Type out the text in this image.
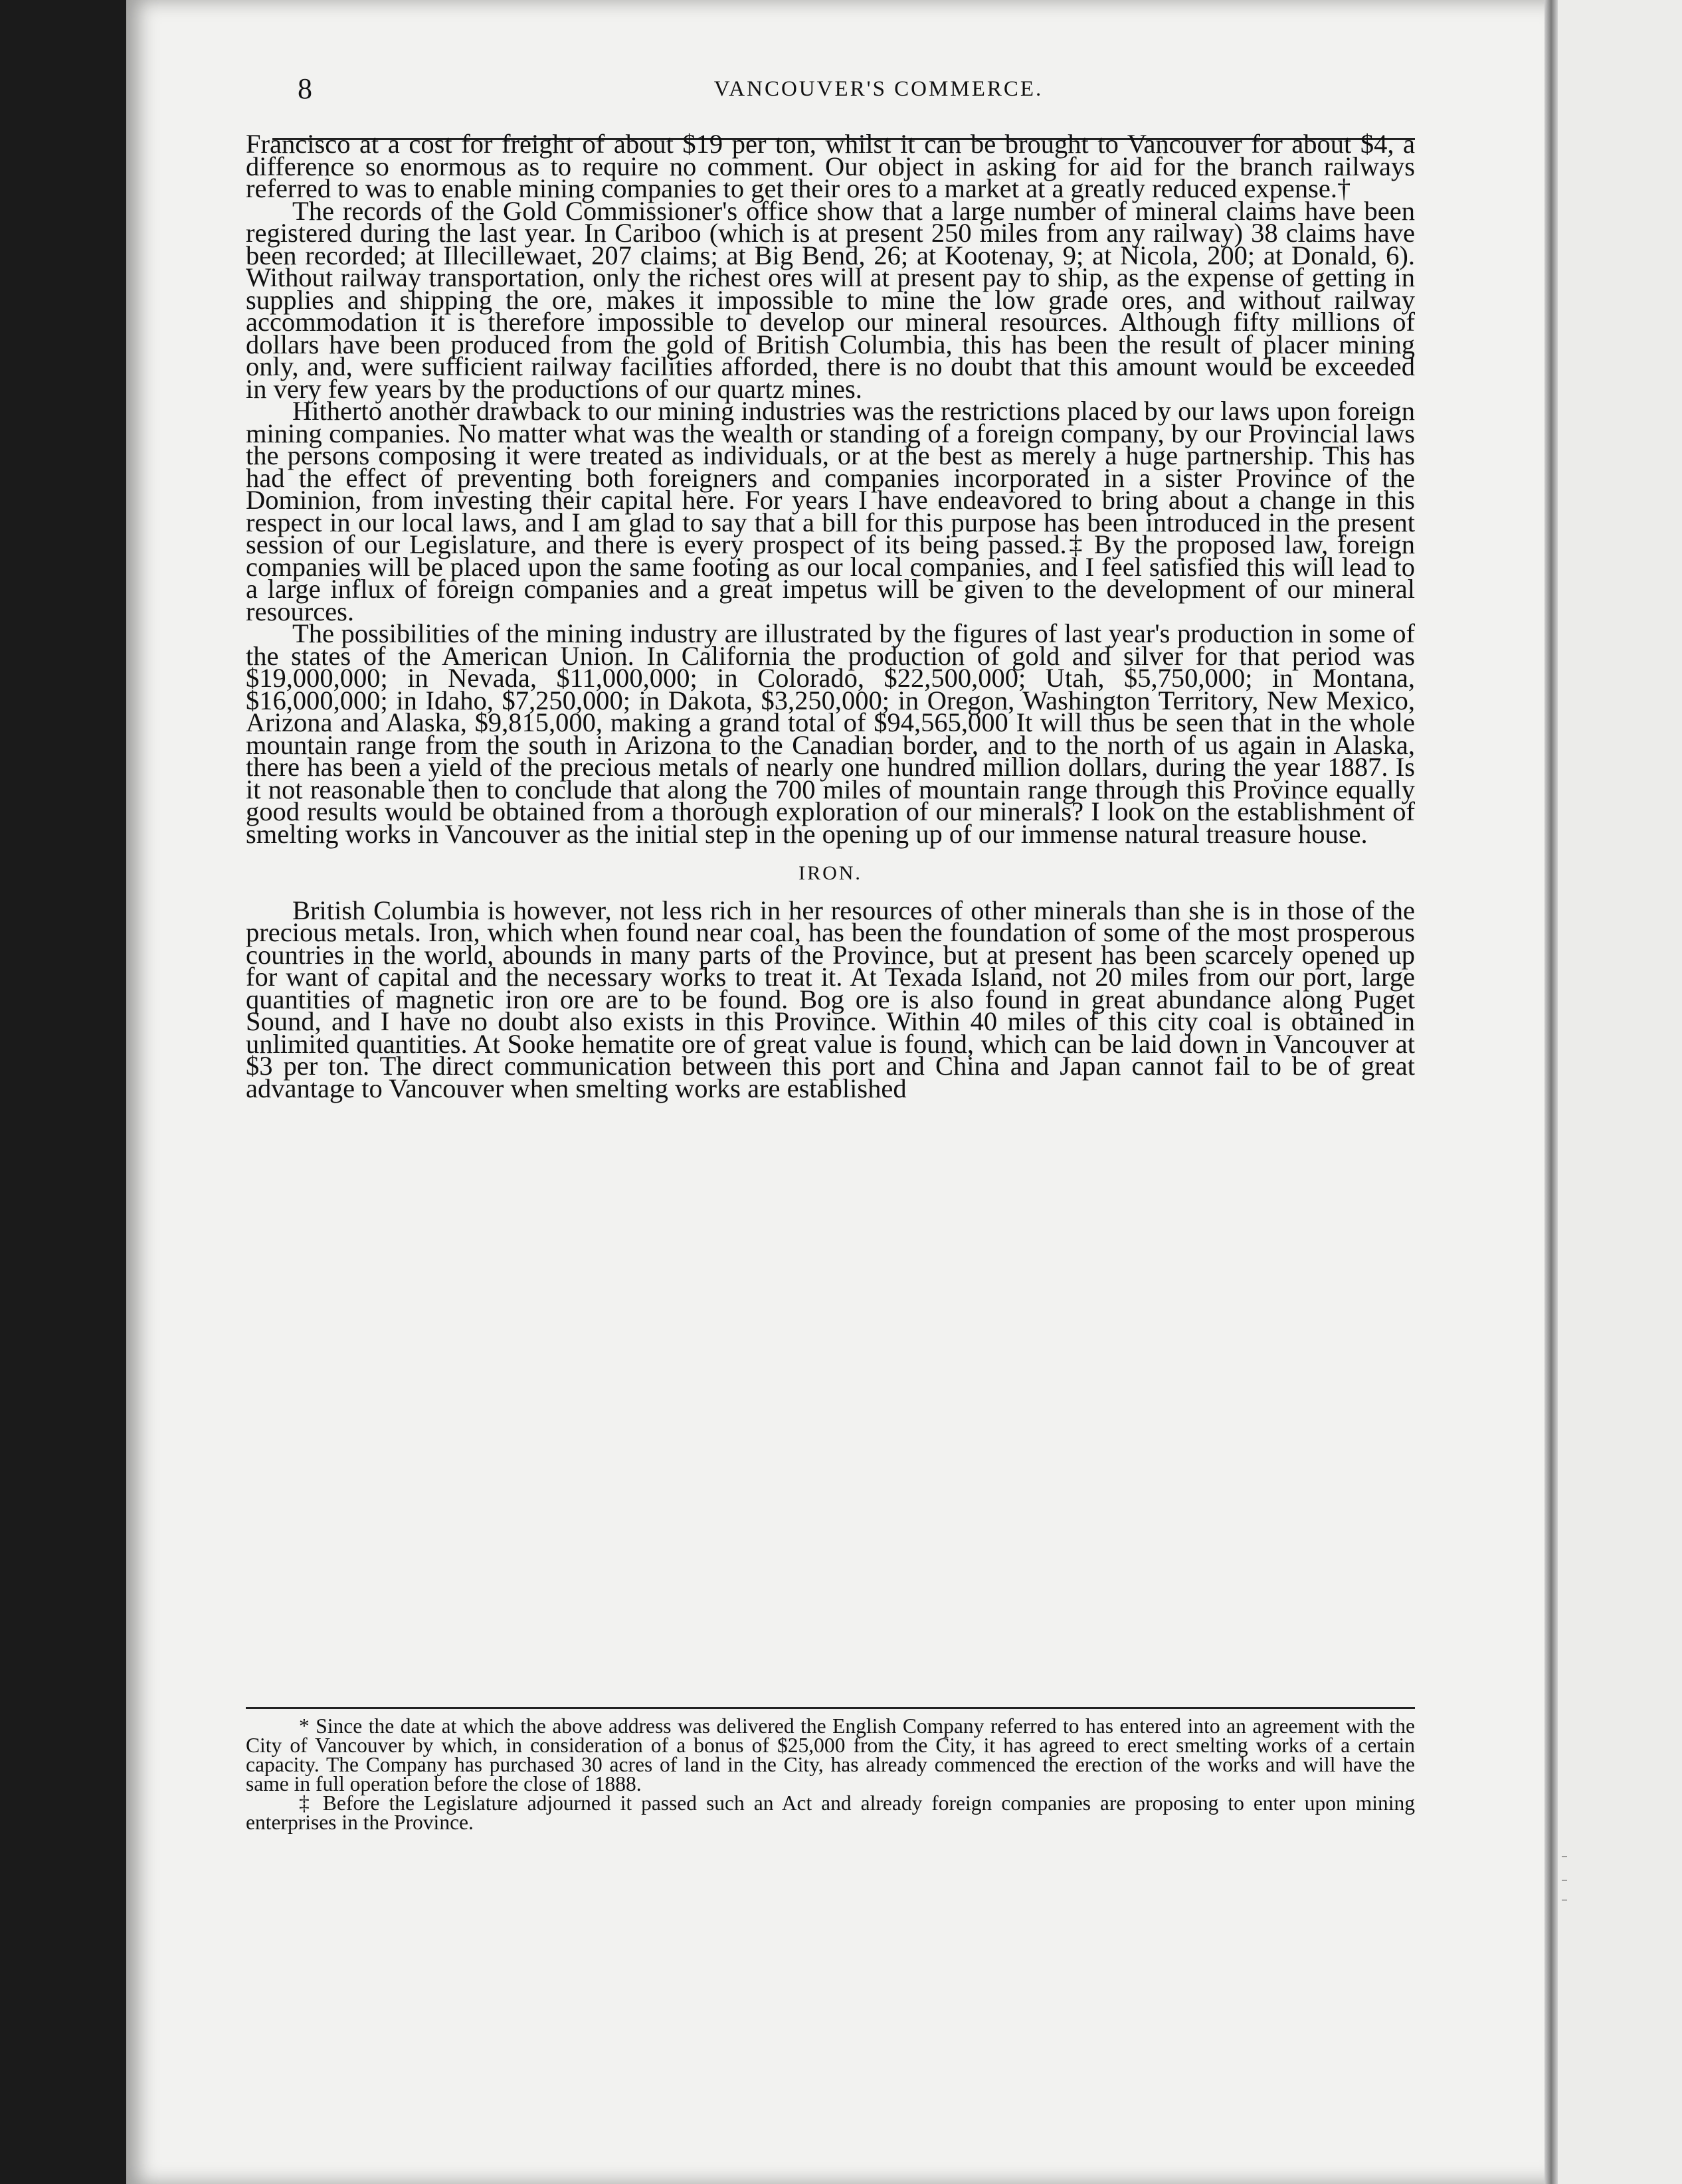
8	VANCOUVER'S COMMERCE.

Francisco at a cost for freight of about $19 per ton, whilst it can be brought to Vancouver for about $4, a difference so enormous as to require no comment. Our object in asking for aid for the branch railways referred to was to enable mining companies to get their ores to a market at a greatly reduced expense.†

The records of the Gold Commissioner's office show that a large number of mineral claims have been registered during the last year. In Cariboo (which is at present 250 miles from any railway) 38 claims have been recorded; at Illecillewaet, 207 claims; at Big Bend, 26; at Kootenay, 9; at Nicola, 200; at Donald, 6). Without railway transportation, only the richest ores will at present pay to ship, as the expense of getting in supplies and shipping the ore, makes it impossible to mine the low grade ores, and without railway accommodation it is therefore impossible to develop our mineral resources. Although fifty millions of dollars have been produced from the gold of British Columbia, this has been the result of placer mining only, and, were sufficient railway facilities afforded, there is no doubt that this amount would be exceeded in very few years by the productions of our quartz mines.

Hitherto another drawback to our mining industries was the restrictions placed by our laws upon foreign mining companies. No matter what was the wealth or standing of a foreign company, by our Provincial laws the persons composing it were treated as individuals, or at the best as merely a huge partnership. This has had the effect of preventing both foreigners and companies incorporated in a sister Province of the Dominion, from investing their capital here. For years I have endeavored to bring about a change in this respect in our local laws, and I am glad to say that a bill for this purpose has been introduced in the present session of our Legislature, and there is every prospect of its being passed.‡ By the proposed law, foreign companies will be placed upon the same footing as our local companies, and I feel satisfied this will lead to a large influx of foreign companies and a great impetus will be given to the development of our mineral resources.

The possibilities of the mining industry are illustrated by the figures of last year's production in some of the states of the American Union. In California the production of gold and silver for that period was $19,000,000; in Nevada, $11,000,000; in Colorado, $22,500,000; Utah, $5,750,000; in Montana, $16,000,000; in Idaho, $7,250,000; in Dakota, $3,250,000; in Oregon, Washington Territory, New Mexico, Arizona and Alaska, $9,815,000, making a grand total of $94,565,000 It will thus be seen that in the whole mountain range from the south in Arizona to the Canadian border, and to the north of us again in Alaska, there has been a yield of the precious metals of nearly one hundred million dollars, during the year 1887. Is it not reasonable then to conclude that along the 700 miles of mountain range through this Province equally good results would be obtained from a thorough exploration of our minerals? I look on the establishment of smelting works in Vancouver as the initial step in the opening up of our immense natural treasure house.

IRON.

British Columbia is however, not less rich in her resources of other minerals than she is in those of the precious metals. Iron, which when found near coal, has been the foundation of some of the most prosperous countries in the world, abounds in many parts of the Province, but at present has been scarcely opened up for want of capital and the necessary works to treat it. At Texada Island, not 20 miles from our port, large quantities of magnetic iron ore are to be found. Bog ore is also found in great abundance along Puget Sound, and I have no doubt also exists in this Province. Within 40 miles of this city coal is obtained in unlimited quantities. At Sooke hematite ore of great value is found, which can be laid down in Vancouver at $3 per ton. The direct communication between this port and China and Japan cannot fail to be of great advantage to Vancouver when smelting works are established

* Since the date at which the above address was delivered the English Company referred to has entered into an agreement with the City of Vancouver by which, in consideration of a bonus of $25,000 from the City, it has agreed to erect smelting works of a certain capacity. The Company has purchased 30 acres of land in the City, has already commenced the erection of the works and will have the same in full operation before the close of 1888.

‡ Before the Legislature adjourned it passed such an Act and already foreign companies are proposing to enter upon mining enterprises in the Province.
